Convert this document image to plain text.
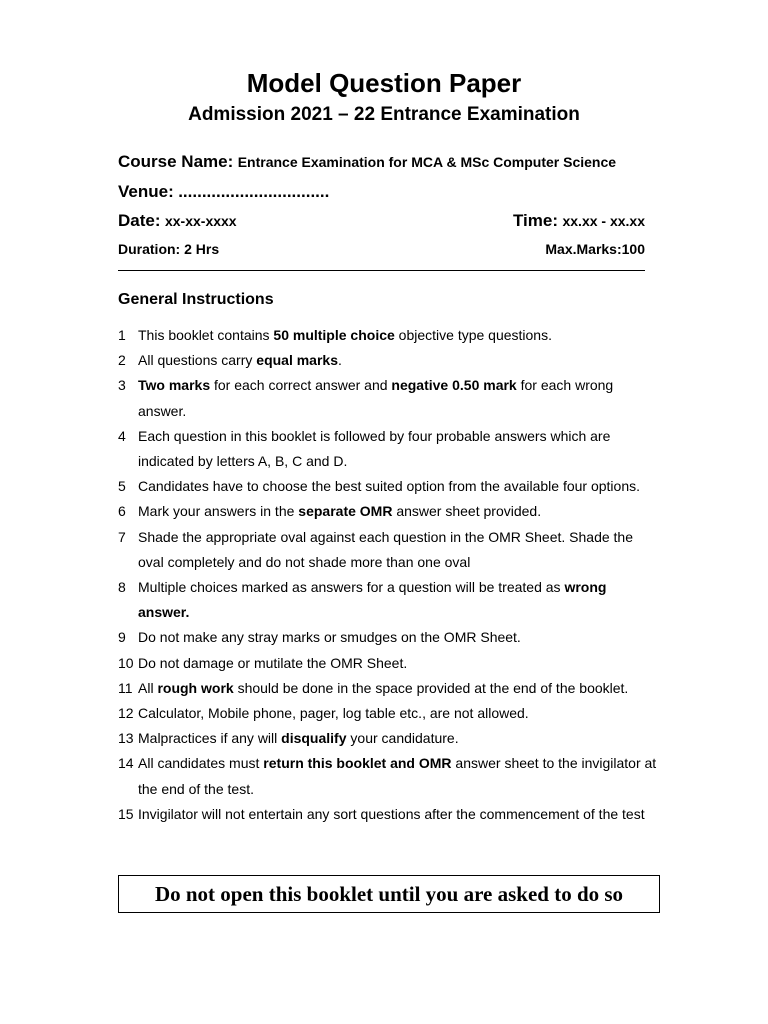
Model Question Paper
Admission 2021 – 22 Entrance Examination
Course Name: Entrance Examination for MCA & MSc Computer Science
Venue: ................................
Date: xx-xx-xxxx	Time: xx.xx - xx.xx
Duration: 2 Hrs	Max.Marks:100
General Instructions
1 This booklet contains 50 multiple choice objective type questions.
2 All questions carry equal marks.
3 Two marks for each correct answer and negative 0.50 mark for each wrong answer.
4 Each question in this booklet is followed by four probable answers which are indicated by letters A, B, C and D.
5 Candidates have to choose the best suited option from the available four options.
6 Mark your answers in the separate OMR answer sheet provided.
7 Shade the appropriate oval against each question in the OMR Sheet. Shade the oval completely and do not shade more than one oval
8 Multiple choices marked as answers for a question will be treated as wrong answer.
9 Do not make any stray marks or smudges on the OMR Sheet.
10 Do not damage or mutilate the OMR Sheet.
11 All rough work should be done in the space provided at the end of the booklet.
12 Calculator, Mobile phone, pager, log table etc., are not allowed.
13 Malpractices if any will disqualify your candidature.
14 All candidates must return this booklet and OMR answer sheet to the invigilator at the end of the test.
15 Invigilator will not entertain any sort questions after the commencement of the test
Do not open this booklet until you are asked to do so
